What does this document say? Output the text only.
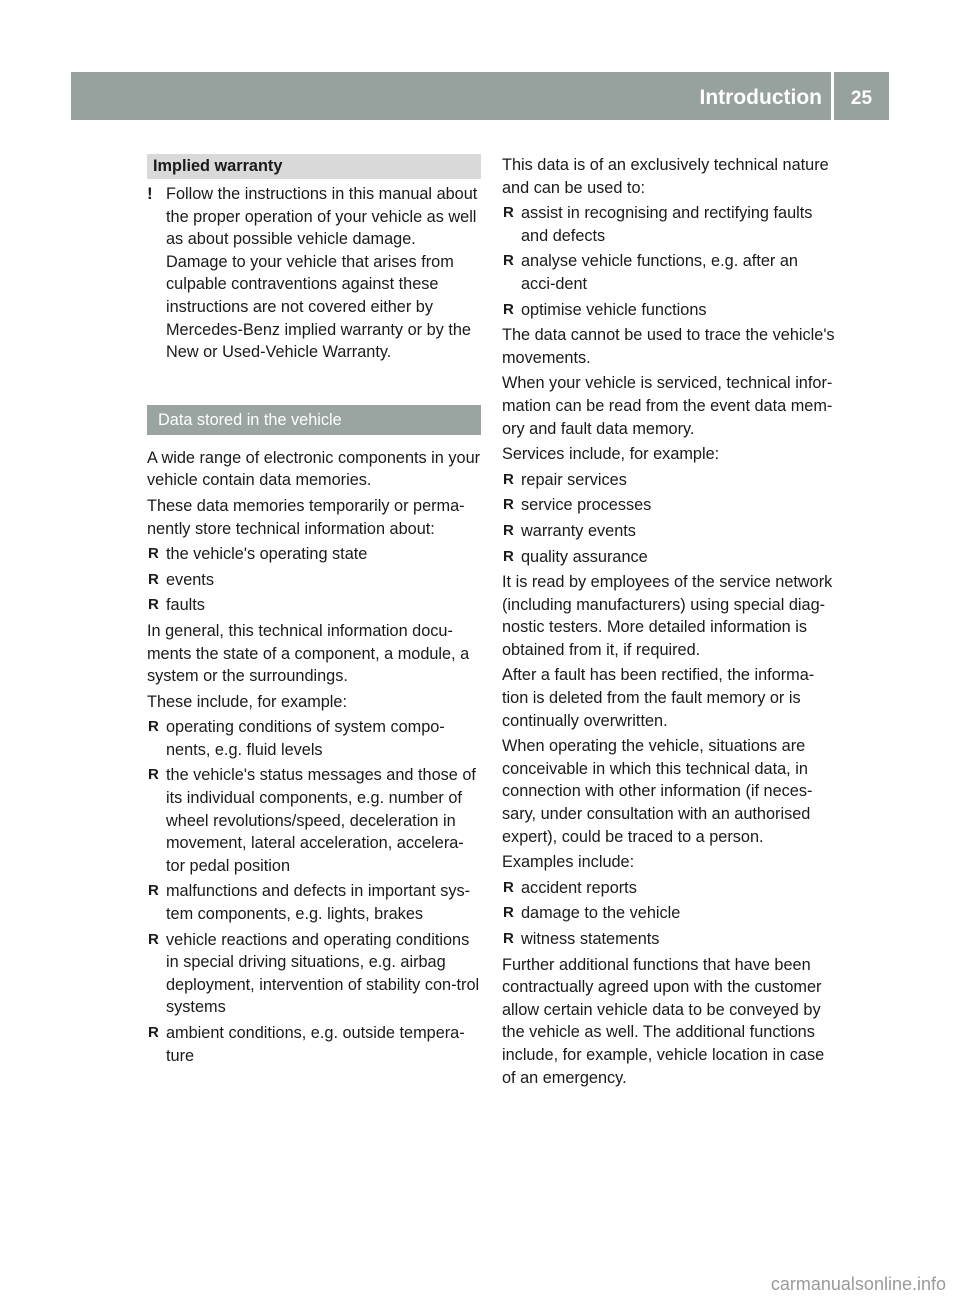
Introduction	25
Implied warranty
! Follow the instructions in this manual about the proper operation of your vehicle as well as about possible vehicle damage. Damage to your vehicle that arises from culpable contraventions against these instructions are not covered either by Mercedes-Benz implied warranty or by the New or Used-Vehicle Warranty.
Data stored in the vehicle

A wide range of electronic components in your vehicle contain data memories.

These data memories temporarily or perma-nently store technical information about:

R the vehicle's operating state
R events
R faults

In general, this technical information docu-ments the state of a component, a module, a system or the surroundings.

These include, for example:

R operating conditions of system compo-nents, e.g. fluid levels
R the vehicle's status messages and those of its individual components, e.g. number of wheel revolutions/speed, deceleration in movement, lateral acceleration, accelera-tor pedal position
R malfunctions and defects in important sys-tem components, e.g. lights, brakes
R vehicle reactions and operating conditions in special driving situations, e.g. airbag deployment, intervention of stability con-trol systems
R ambient conditions, e.g. outside tempera-ture

This data is of an exclusively technical nature and can be used to:

R assist in recognising and rectifying faults and defects
R analyse vehicle functions, e.g. after an acci-dent
R optimise vehicle functions

The data cannot be used to trace the vehicle's movements.

When your vehicle is serviced, technical infor-mation can be read from the event data mem-ory and fault data memory.

Services include, for example:

R repair services
R service processes
R warranty events
R quality assurance

It is read by employees of the service network (including manufacturers) using special diag-nostic testers. More detailed information is obtained from it, if required.

After a fault has been rectified, the informa-tion is deleted from the fault memory or is continually overwritten.

When operating the vehicle, situations are conceivable in which this technical data, in connection with other information (if neces-sary, under consultation with an authorised expert), could be traced to a person.

Examples include:

R accident reports
R damage to the vehicle
R witness statements

Further additional functions that have been contractually agreed upon with the customer allow certain vehicle data to be conveyed by the vehicle as well. The additional functions include, for example, vehicle location in case of an emergency.

carmanualsonline.info
